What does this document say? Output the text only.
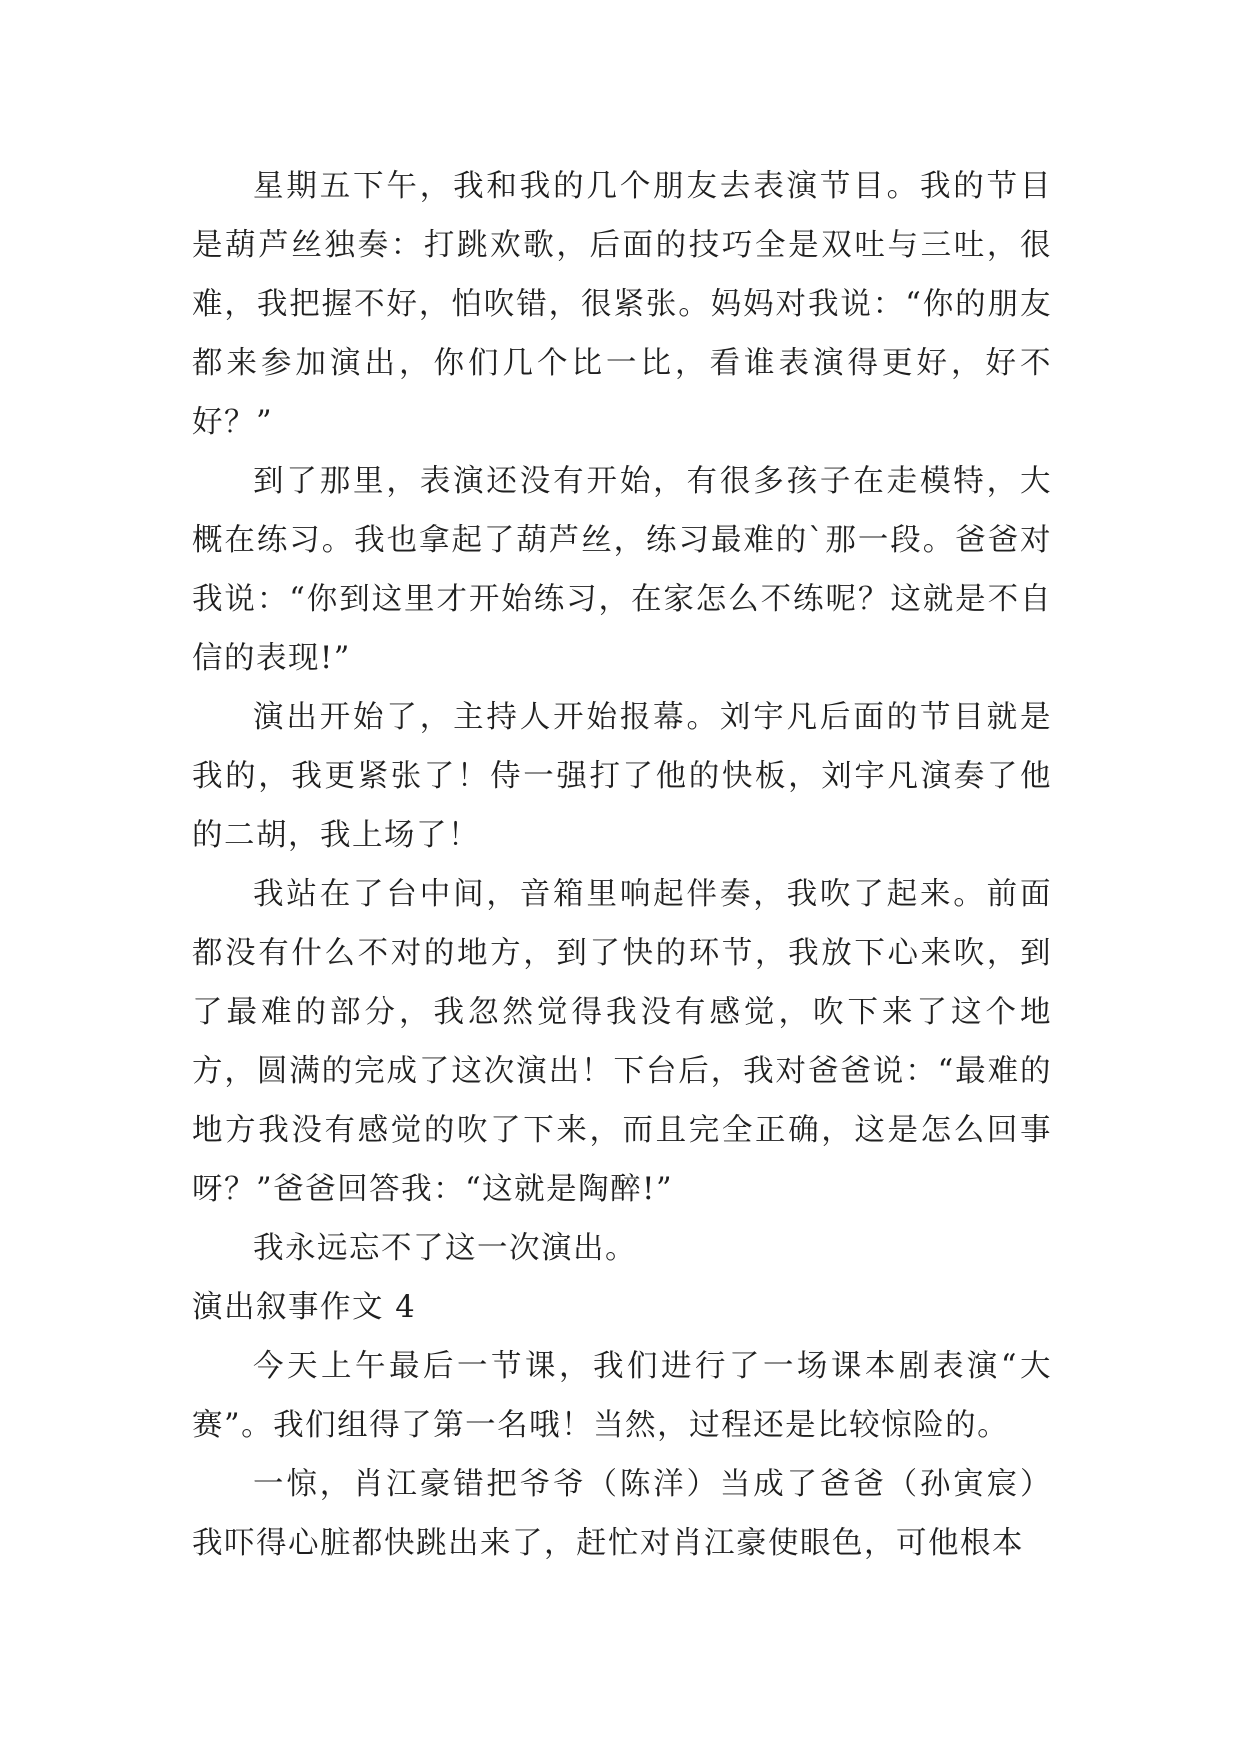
星期五下午，我和我的几个朋友去表演节目。我的节目是葫芦丝独奏：打跳欢歌，后面的技巧全是双吐与三吐，很难，我把握不好，怕吹错，很紧张。妈妈对我说：“你的朋友都来参加演出，你们几个比一比，看谁表演得更好，好不好？”

到了那里，表演还没有开始，有很多孩子在走模特，大概在练习。我也拿起了葫芦丝，练习最难的`那一段。爸爸对我说：“你到这里才开始练习，在家怎么不练呢？这就是不自信的表现!”

演出开始了，主持人开始报幕。刘宇凡后面的节目就是我的，我更紧张了！侍一强打了他的快板，刘宇凡演奏了他的二胡，我上场了！

我站在了台中间，音箱里响起伴奏，我吹了起来。前面都没有什么不对的地方，到了快的环节，我放下心来吹，到了最难的部分，我忽然觉得我没有感觉，吹下来了这个地方，圆满的完成了这次演出！下台后，我对爸爸说：“最难的地方我没有感觉的吹了下来，而且完全正确，这是怎么回事呀？”爸爸回答我：“这就是陶醉!”

我永远忘不了这一次演出。

演出叙事作文 4

今天上午最后一节课，我们进行了一场课本剧表演“大赛”。我们组得了第一名哦！当然，过程还是比较惊险的。

一惊，肖江豪错把爷爷（陈洋）当成了爸爸（孙寅宸）我吓得心脏都快跳出来了，赶忙对肖江豪使眼色，可他根本
